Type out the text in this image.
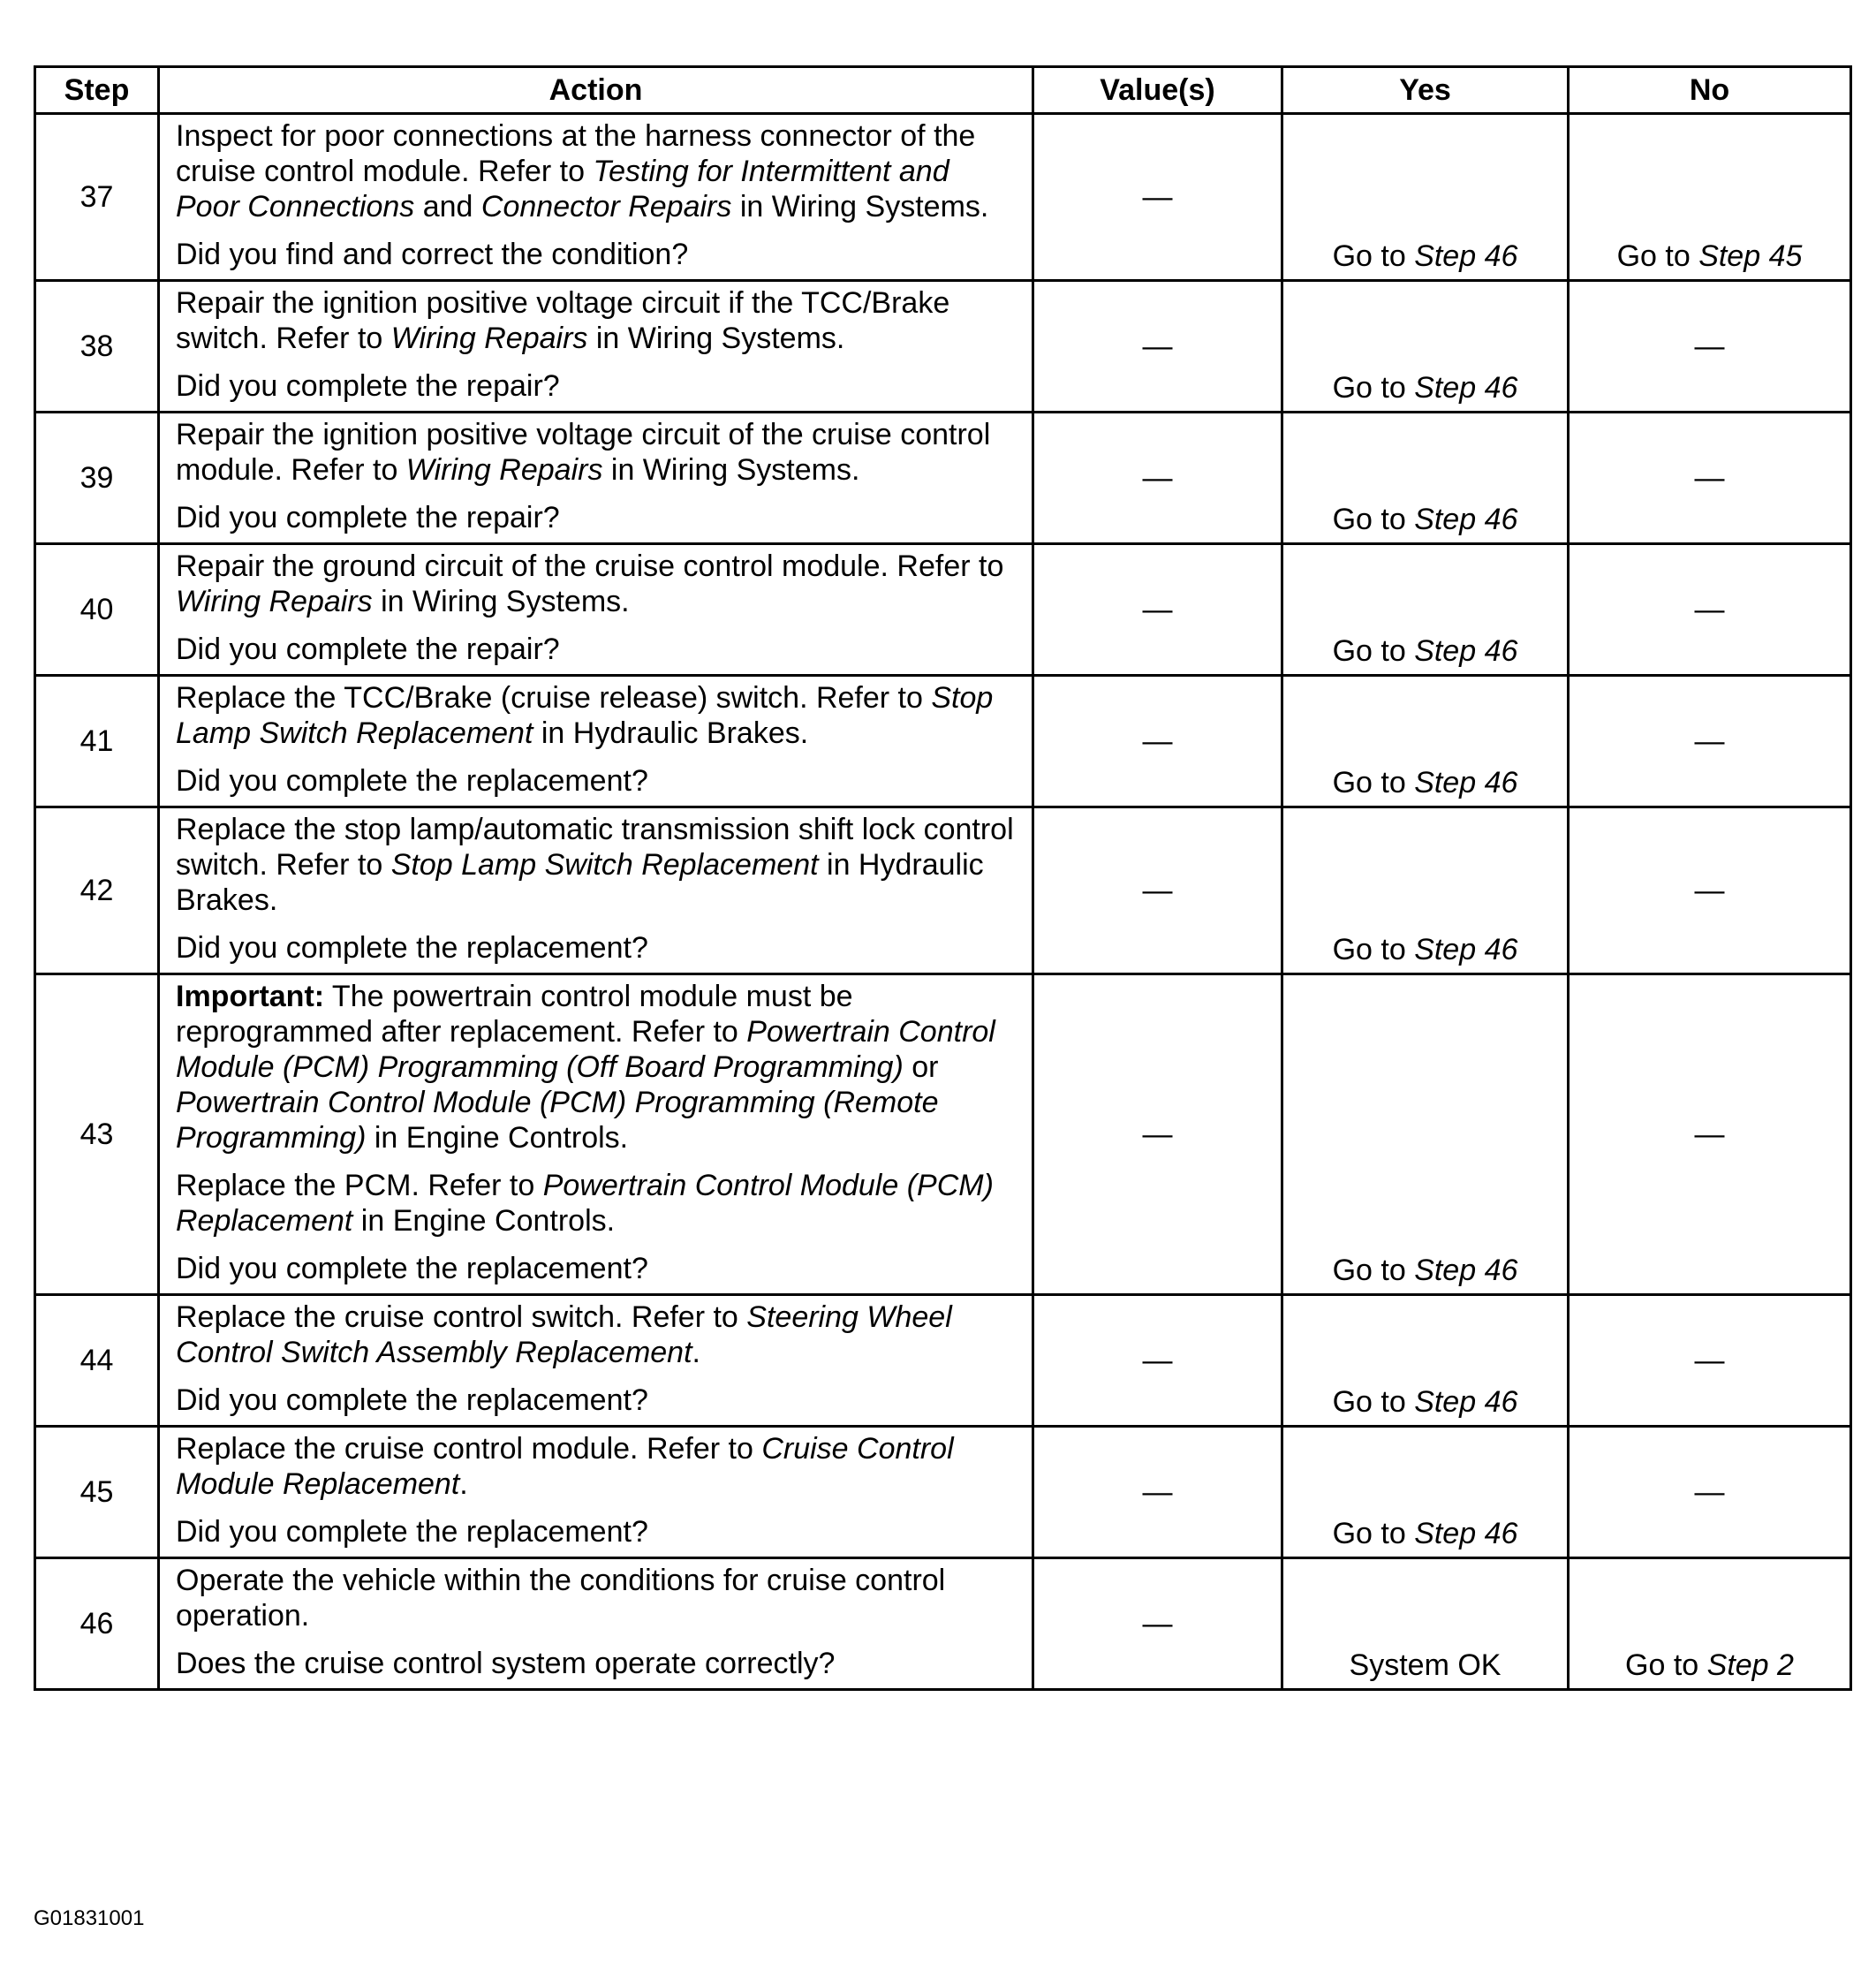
Step	Action	Value(s)	Yes	No
37	Inspect for poor connections at the harness connector of the cruise control module. Refer to Testing for Intermittent and Poor Connections and Connector Repairs in Wiring Systems.

Did you find and correct the condition?	—	Go to Step 46	Go to Step 45
38	Repair the ignition positive voltage circuit if the TCC/Brake switch. Refer to Wiring Repairs in Wiring Systems.

Did you complete the repair?	—	Go to Step 46	—
39	Repair the ignition positive voltage circuit of the cruise control module. Refer to Wiring Repairs in Wiring Systems.

Did you complete the repair?	—	Go to Step 46	—
40	Repair the ground circuit of the cruise control module. Refer to Wiring Repairs in Wiring Systems.

Did you complete the repair?	—	Go to Step 46	—
41	Replace the TCC/Brake (cruise release) switch. Refer to Stop Lamp Switch Replacement in Hydraulic Brakes.

Did you complete the replacement?	—	Go to Step 46	—
42	Replace the stop lamp/automatic transmission shift lock control switch. Refer to Stop Lamp Switch Replacement in Hydraulic Brakes.

Did you complete the replacement?	—	Go to Step 46	—
43	Important: The powertrain control module must be reprogrammed after replacement. Refer to Powertrain Control Module (PCM) Programming (Off Board Programming) or Powertrain Control Module (PCM) Programming (Remote Programming) in Engine Controls.

Replace the PCM. Refer to Powertrain Control Module (PCM) Replacement in Engine Controls.

Did you complete the replacement?	—	Go to Step 46	—
44	Replace the cruise control switch. Refer to Steering Wheel Control Switch Assembly Replacement.

Did you complete the replacement?	—	Go to Step 46	—
45	Replace the cruise control module. Refer to Cruise Control Module Replacement.

Did you complete the replacement?	—	Go to Step 46	—
46	Operate the vehicle within the conditions for cruise control operation.

Does the cruise control system operate correctly?	—	System OK	Go to Step 2
G01831001
